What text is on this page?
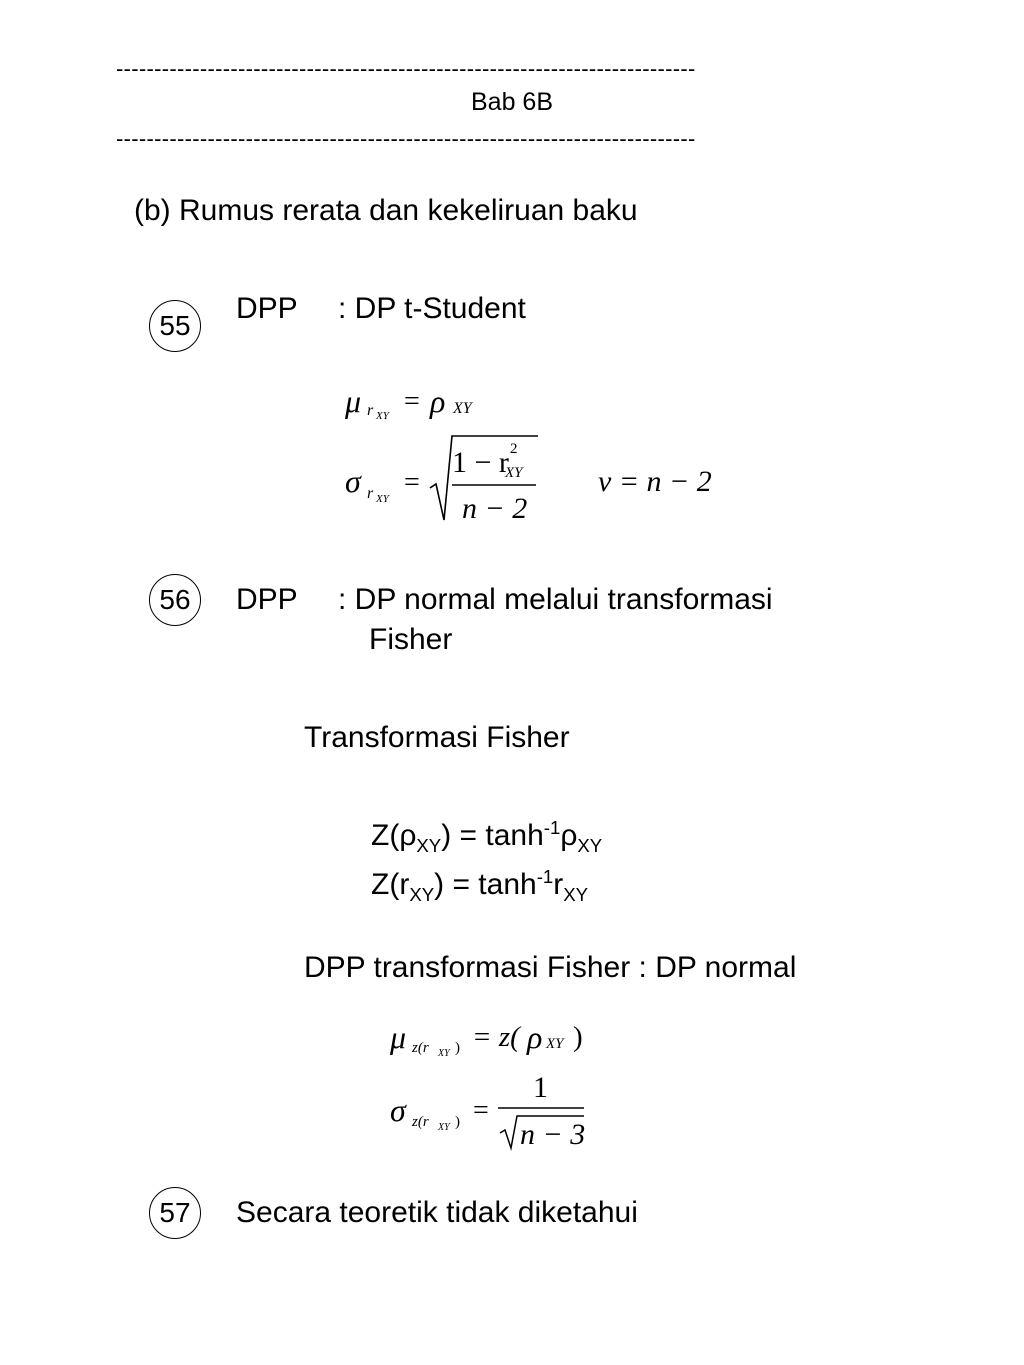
----------------------------------------------------------------------------
Bab 6B
----------------------------------------------------------------------------
(b) Rumus rerata dan kekeliruan baku
55
DPP : DP t-Student
μ r XY = ρ XY
σ r XY
=
1 − r 2
XY
n − 2
ν = n − 2
56	DPP : DP normal melalui transformasi
Fisher
Transformasi Fisher
$Z(\rho_{XY}) = \tanh^{-1}\rho_{XY}$
$Z(r_{XY}) = \tanh^{-1}r_{XY}$
DPP transformasi Fisher : DP normal
μ z(r XY ) = z( ρ XY )
σ z(r XY ) =
1
n − 3
57	Secara teoretik tidak diketahui
